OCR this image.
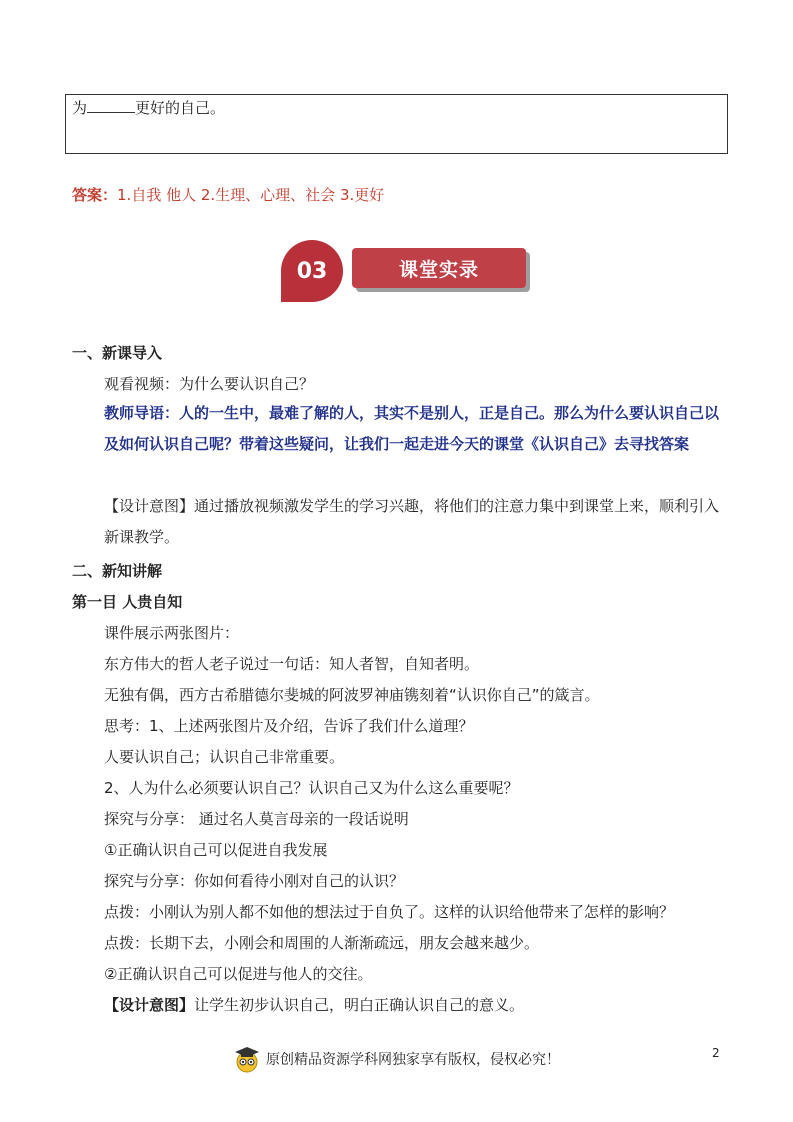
为	更好的自己。
答案：1.自我 他人 2.生理、心理、社会 3.更好
03	课堂实录
一、新课导入
观看视频：为什么要认识自己？
教师导语：人的一生中，最难了解的人，其实不是别人，正是自己。那么为什么要认识自己以及如何认识自己呢？带着这些疑问，让我们一起走进今天的课堂《认识自己》去寻找答案
【设计意图】通过播放视频激发学生的学习兴趣，将他们的注意力集中到课堂上来，顺利引入新课教学。
二、新知讲解
第一目 人贵自知
课件展示两张图片：
东方伟大的哲人老子说过一句话：知人者智，自知者明。
无独有偶，西方古希腊德尔斐城的阿波罗神庙镌刻着“认识你自己”的箴言。
思考：1、上述两张图片及介绍，告诉了我们什么道理？
人要认识自己；认识自己非常重要。
2、人为什么必须要认识自己？认识自己又为什么这么重要呢？
探究与分享： 通过名人莫言母亲的一段话说明
①正确认识自己可以促进自我发展
探究与分享：你如何看待小刚对自己的认识？
点拨：小刚认为别人都不如他的想法过于自负了。这样的认识给他带来了怎样的影响？
点拨：长期下去，小刚会和周围的人渐渐疏远，朋友会越来越少。
②正确认识自己可以促进与他人的交往。
【设计意图】让学生初步认识自己，明白正确认识自己的意义。
原创精品资源学科网独家享有版权，侵权必究！	2
